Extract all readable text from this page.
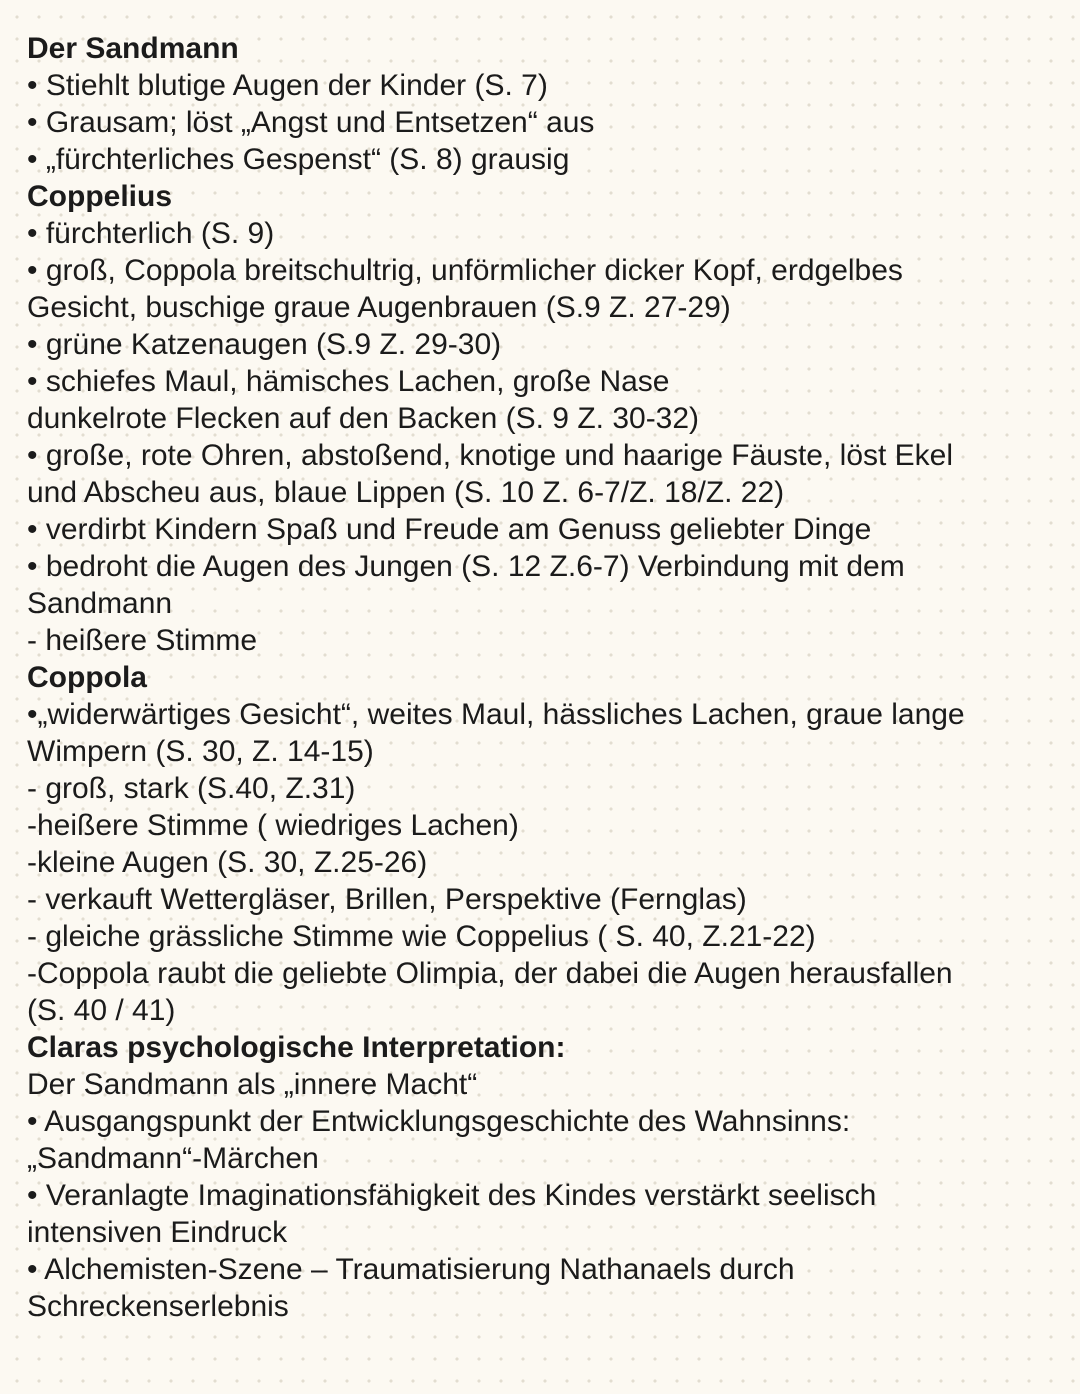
Der Sandmann
• Stiehlt blutige Augen der Kinder (S. 7)
• Grausam; löst „Angst und Entsetzen“ aus
• „fürchterliches Gespenst“ (S. 8) grausig
Coppelius
• fürchterlich (S. 9)
• groß, Coppola breitschultrig, unförmlicher dicker Kopf, erdgelbes
Gesicht, buschige graue Augenbrauen (S.9 Z. 27-29)
• grüne Katzenaugen (S.9 Z. 29-30)
• schiefes Maul, hämisches Lachen, große Nase
dunkelrote Flecken auf den Backen (S. 9 Z. 30-32)
• große, rote Ohren, abstoßend, knotige und haarige Fäuste, löst Ekel
und Abscheu aus, blaue Lippen (S. 10 Z. 6-7/Z. 18/Z. 22)
• verdirbt Kindern Spaß und Freude am Genuss geliebter Dinge
• bedroht die Augen des Jungen (S. 12 Z.6-7) Verbindung mit dem
Sandmann
- heißere Stimme
Coppola
•„widerwärtiges Gesicht“, weites Maul, hässliches Lachen, graue lange
Wimpern (S. 30, Z. 14-15)
- groß, stark (S.40, Z.31)
-heißere Stimme ( wiedriges Lachen)
-kleine Augen (S. 30, Z.25-26)
- verkauft Wettergläser, Brillen, Perspektive (Fernglas)
- gleiche grässliche Stimme wie Coppelius ( S. 40, Z.21-22)
-Coppola raubt die geliebte Olimpia, der dabei die Augen herausfallen
(S. 40 / 41)
Claras psychologische Interpretation:
Der Sandmann als „innere Macht“
• Ausgangspunkt der Entwicklungsgeschichte des Wahnsinns:
„Sandmann“-Märchen
• Veranlagte Imaginationsfähigkeit des Kindes verstärkt seelisch
intensiven Eindruck
• Alchemisten-Szene – Traumatisierung Nathanaels durch
Schreckenserlebnis
